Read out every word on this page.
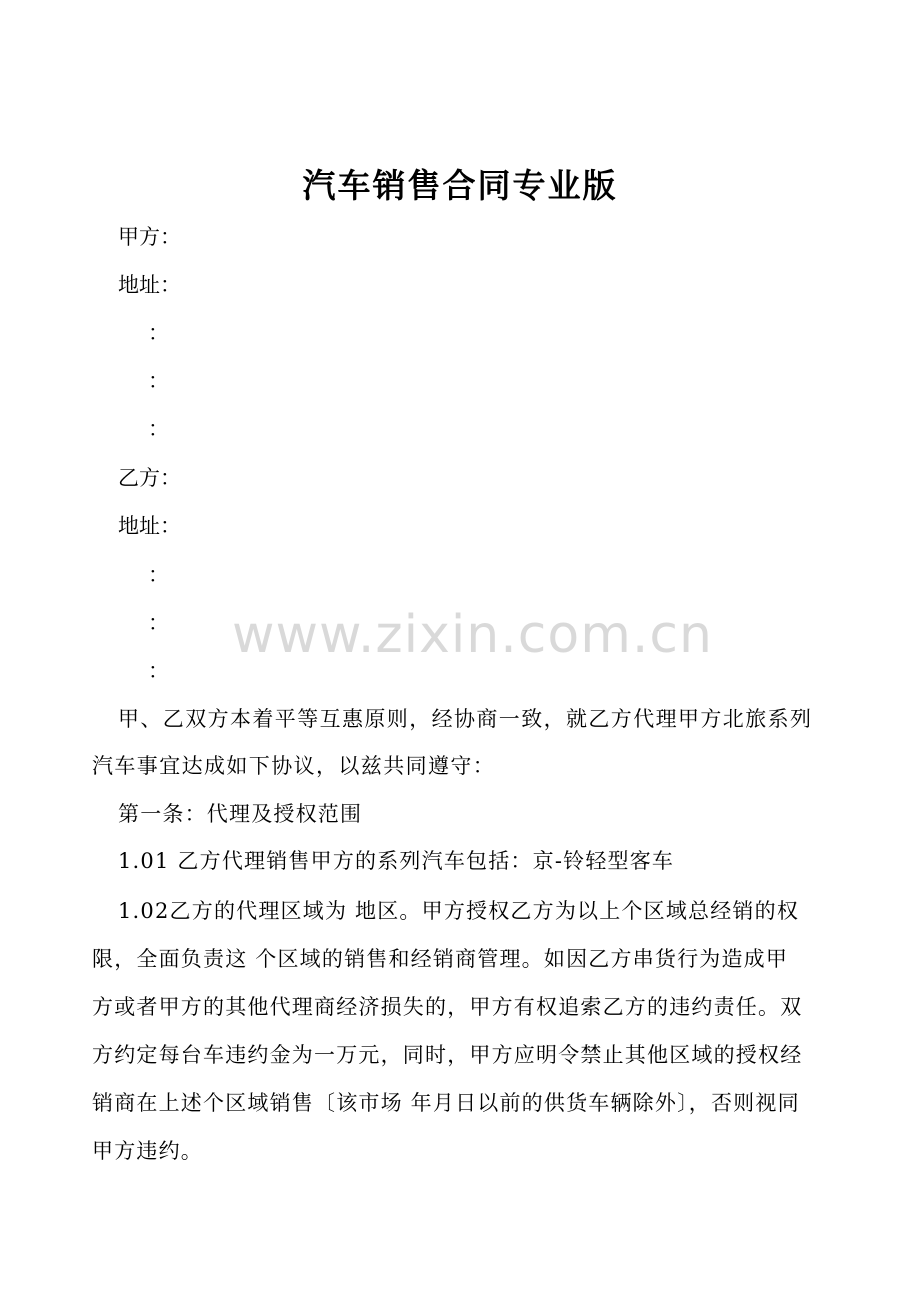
汽车销售合同专业版
甲方：
地址：
：
：
：
乙方：
地址：
：
：
：
甲、乙双方本着平等互惠原则，经协商一致，就乙方代理甲方北旅系列
汽车事宜达成如下协议，以兹共同遵守：
第一条：代理及授权范围
1.01 乙方代理销售甲方的系列汽车包括：京-铃轻型客车
1.02乙方的代理区域为 地区。甲方授权乙方为以上个区域总经销的权
限，全面负责这 个区域的销售和经销商管理。如因乙方串货行为造成甲
方或者甲方的其他代理商经济损失的，甲方有权追索乙方的违约责任。双
方约定每台车违约金为一万元，同时，甲方应明令禁止其他区域的授权经
销商在上述个区域销售〔该市场 年月日以前的供货车辆除外〕，否则视同
甲方违约。
www.zixin.com.cn
